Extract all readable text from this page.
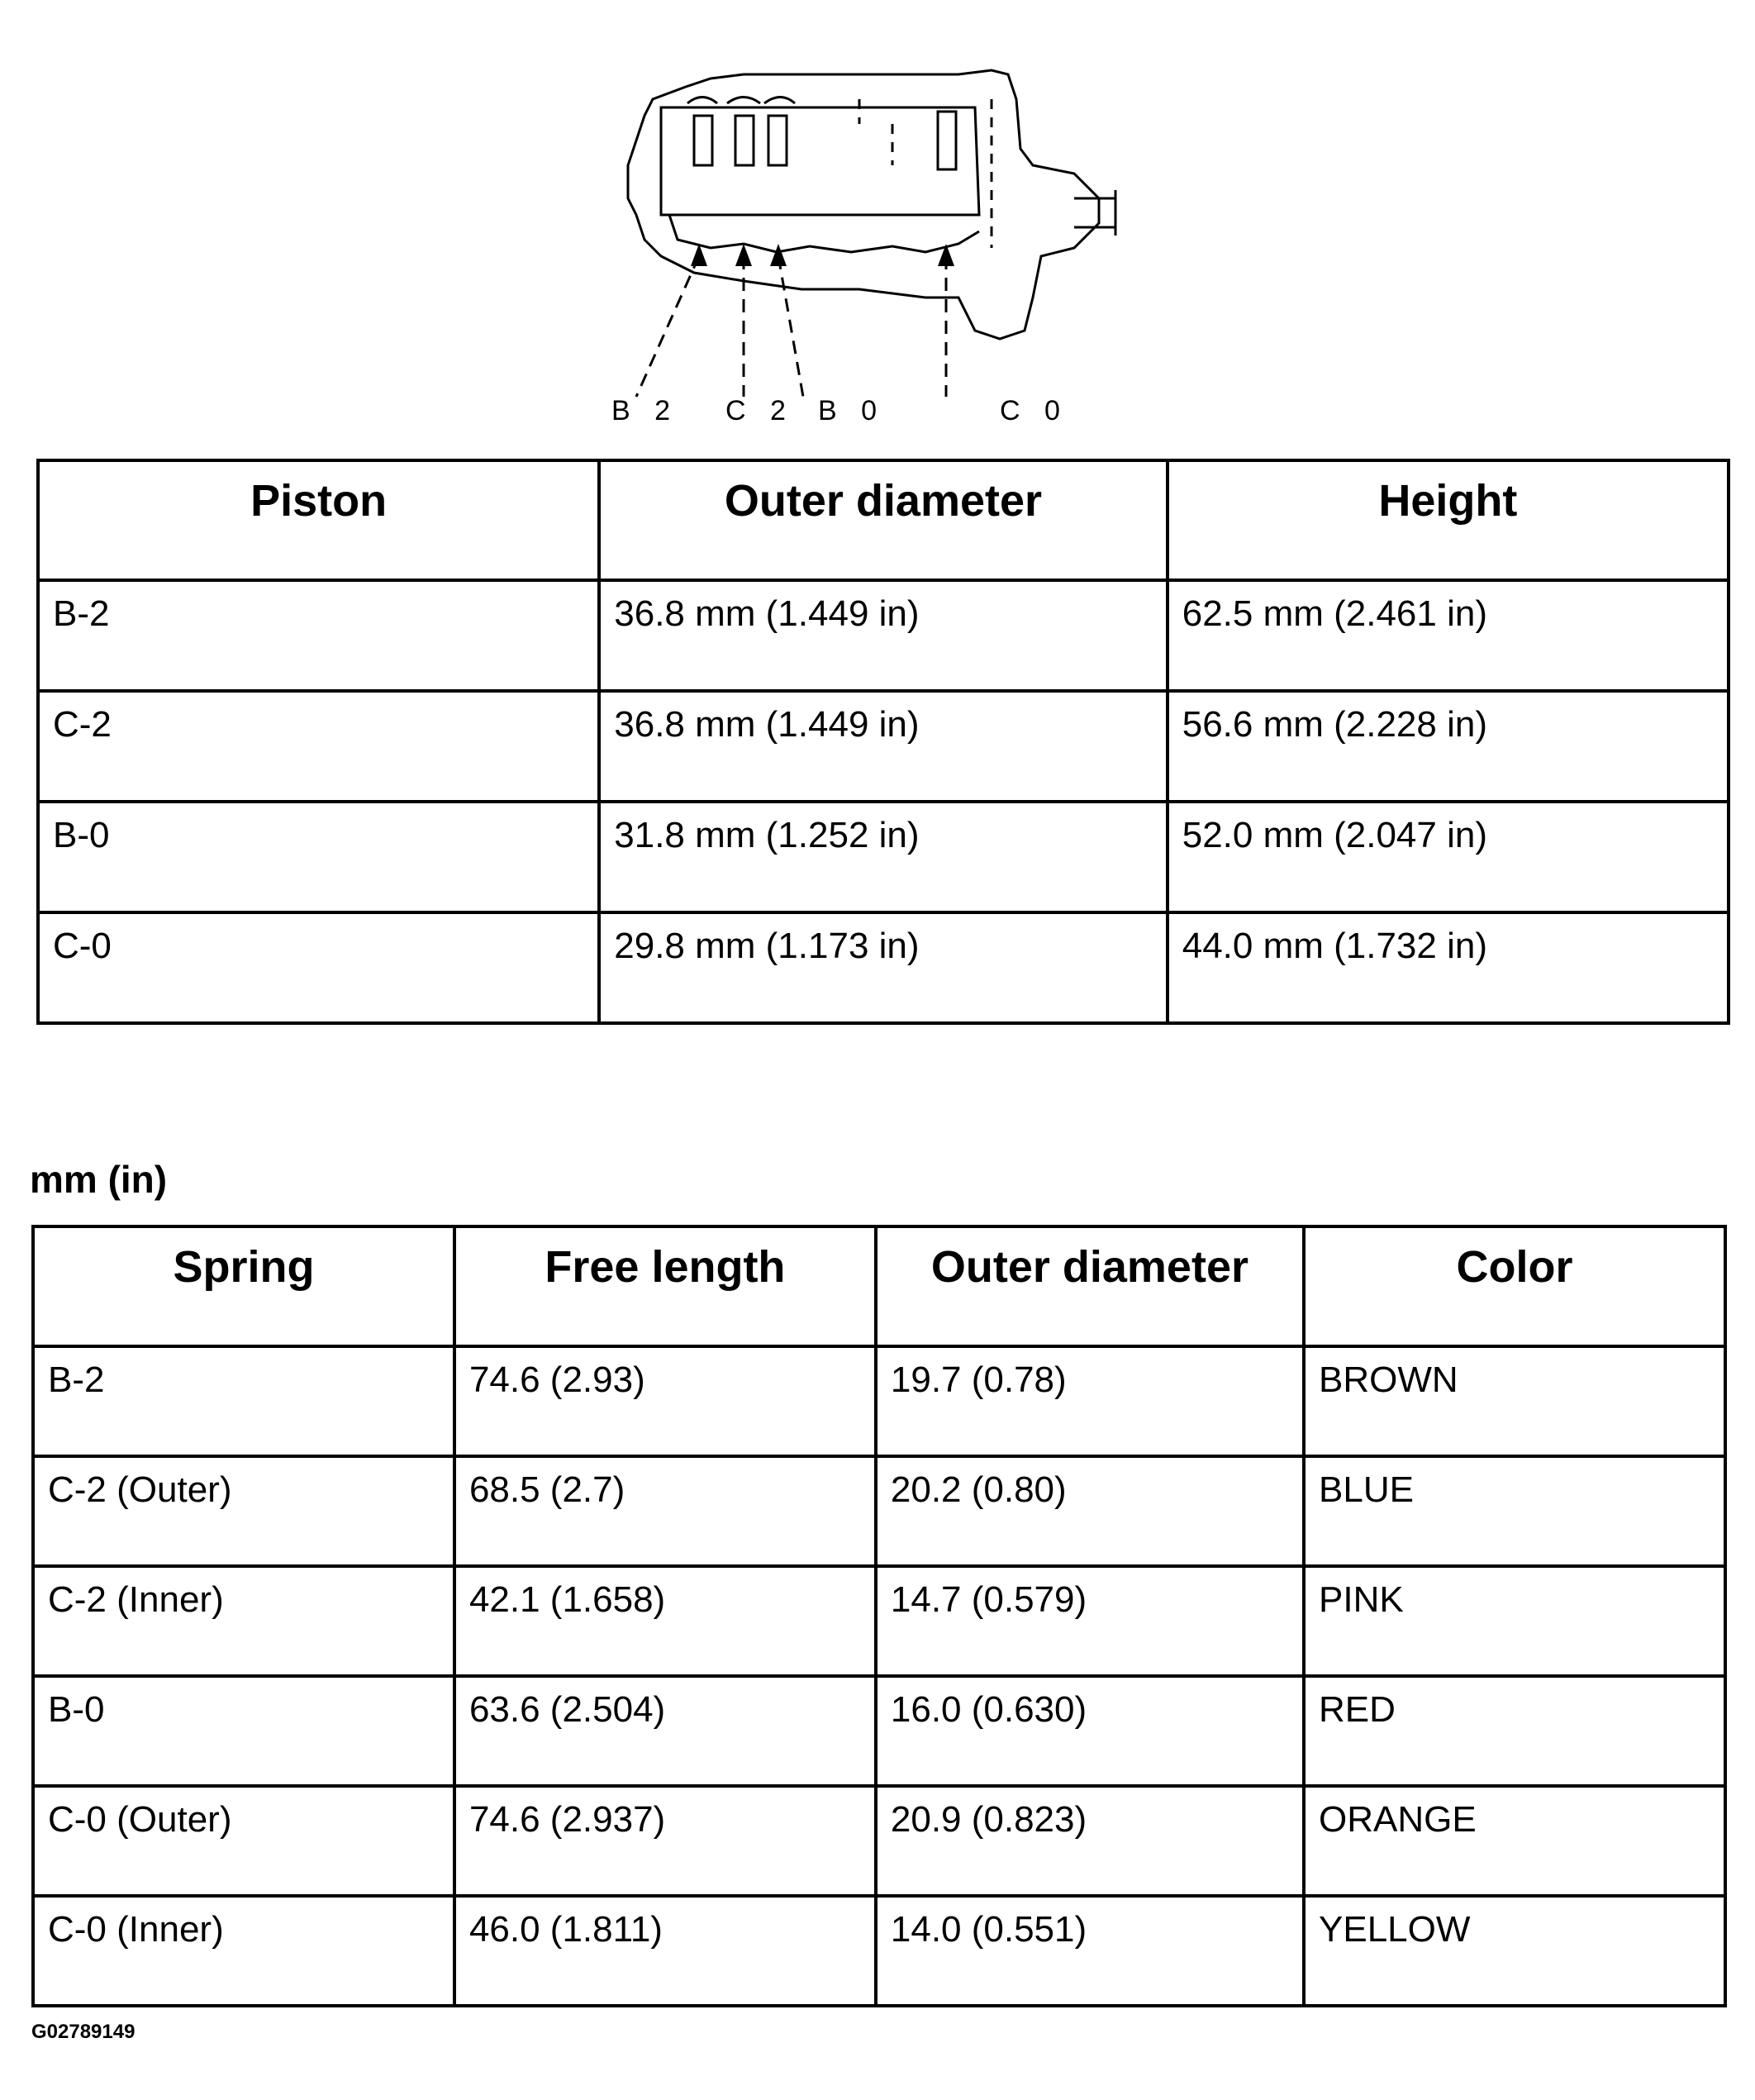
B 2 C 2 B 0	C 0
Piston	Outer diameter	Height
B-2	36.8 mm (1.449 in)	62.5 mm (2.461 in)
C-2	36.8 mm (1.449 in)	56.6 mm (2.228 in)
B-0	31.8 mm (1.252 in)	52.0 mm (2.047 in)
C-0	29.8 mm (1.173 in)	44.0 mm (1.732 in)
mm (in)
Spring	Free length	Outer diameter	Color
B-2	74.6 (2.93)	19.7 (0.78)	BROWN
C-2 (Outer)	68.5 (2.7)	20.2 (0.80)	BLUE
C-2 (Inner)	42.1 (1.658)	14.7 (0.579)	PINK
B-0	63.6 (2.504)	16.0 (0.630)	RED
C-0 (Outer)	74.6 (2.937)	20.9 (0.823)	ORANGE
C-0 (Inner)	46.0 (1.811)	14.0 (0.551)	YELLOW
G02789149
